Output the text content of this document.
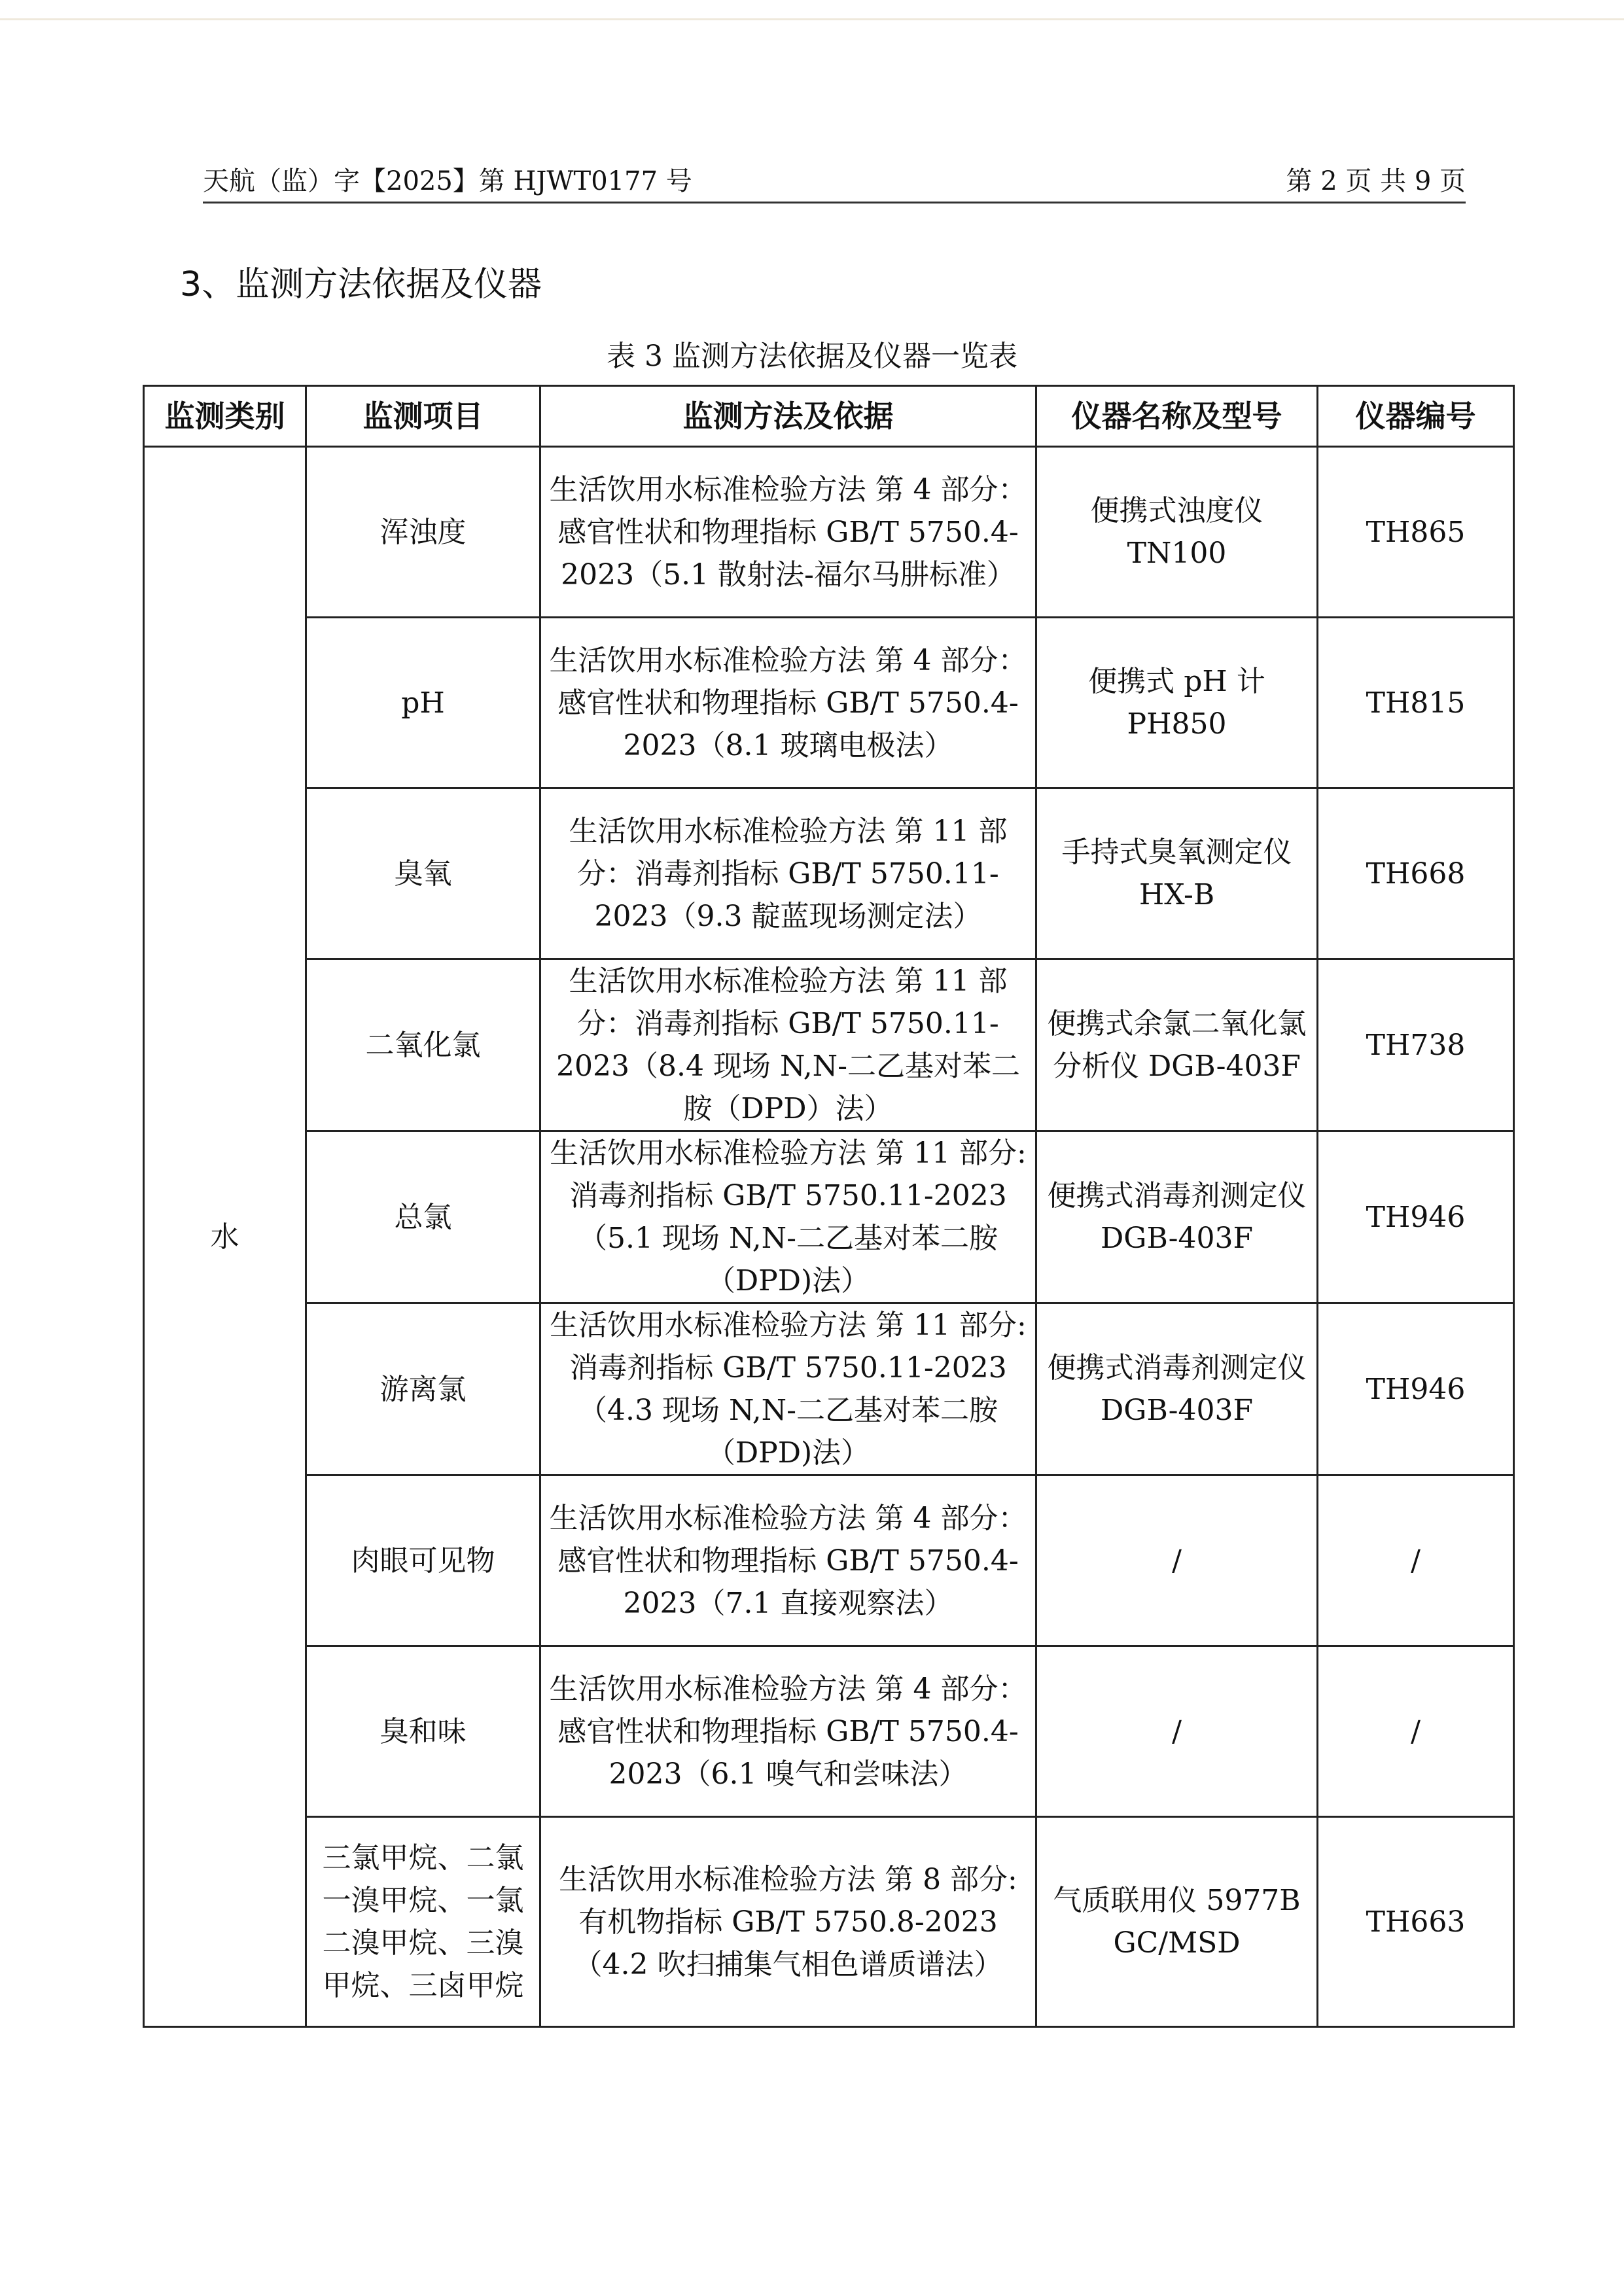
天航（监）字【2025】第 HJWT0177 号	第 2 页 共 9 页
3、监测方法依据及仪器
表 3 监测方法依据及仪器一览表
监测类别	监测项目	监测方法及依据	仪器名称及型号	仪器编号
水	浑浊度	生活饮用水标准检验方法 第 4 部分：感官性状和物理指标 GB/T 5750.4-2023（5.1 散射法-福尔马肼标准）	便携式浊度仪 TN100	TH865
	pH	生活饮用水标准检验方法 第 4 部分：感官性状和物理指标 GB/T 5750.4-2023（8.1 玻璃电极法）	便携式 pH 计 PH850	TH815
	臭氧	生活饮用水标准检验方法 第 11 部分：消毒剂指标 GB/T 5750.11-2023（9.3 靛蓝现场测定法）	手持式臭氧测定仪 HX-B	TH668
	二氧化氯	生活饮用水标准检验方法 第 11 部分：消毒剂指标 GB/T 5750.11-2023（8.4 现场 N,N-二乙基对苯二胺（DPD）法）	便携式余氯二氧化氯分析仪 DGB-403F	TH738
	总氯	生活饮用水标准检验方法 第 11 部分:消毒剂指标 GB/T 5750.11-2023（5.1 现场 N,N-二乙基对苯二胺（DPD)法）	便携式消毒剂测定仪 DGB-403F	TH946
	游离氯	生活饮用水标准检验方法 第 11 部分:消毒剂指标 GB/T 5750.11-2023（4.3 现场 N,N-二乙基对苯二胺（DPD)法）	便携式消毒剂测定仪 DGB-403F	TH946
	肉眼可见物	生活饮用水标准检验方法 第 4 部分：感官性状和物理指标 GB/T 5750.4-2023（7.1 直接观察法）	/	/
	臭和味	生活饮用水标准检验方法 第 4 部分：感官性状和物理指标 GB/T 5750.4-2023（6.1 嗅气和尝味法）	/	/
	三氯甲烷、二氯一溴甲烷、一氯二溴甲烷、三溴甲烷、三卤甲烷	生活饮用水标准检验方法 第 8 部分:有机物指标 GB/T 5750.8-2023（4.2 吹扫捕集气相色谱质谱法）	气质联用仪 5977B GC/MSD	TH663
